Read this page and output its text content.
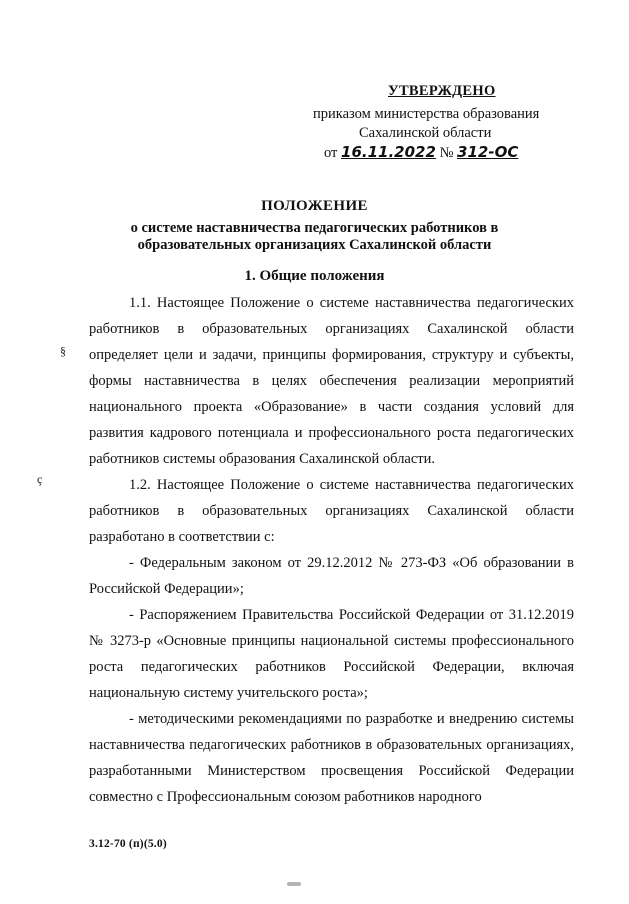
УТВЕРЖДЕНО
приказом министерства образования
Сахалинской области
от 16.11.2022 № 312-ОС
ПОЛОЖЕНИЕ
о системе наставничества педагогических работников в
образовательных организациях Сахалинской области
1. Общие положения

1.1. Настоящее Положение о системе наставничества педагогических работников в образовательных организациях Сахалинской области определяет цели и задачи, принципы формирования, структуру и субъекты, формы наставничества в целях обеспечения реализации мероприятий национального проекта «Образование» в части создания условий для развития кадрового потенциала и профессионального роста педагогических работников системы образования Сахалинской области.

1.2. Настоящее Положение о системе наставничества педагогических работников в образовательных организациях Сахалинской области разработано в соответствии с:

- Федеральным законом от 29.12.2012 № 273-ФЗ «Об образовании в Российской Федерации»;

- Распоряжением Правительства Российской Федерации от 31.12.2019 № 3273-р «Основные принципы национальной системы профессионального роста педагогических работников Российской Федерации, включая национальную систему учительского роста»;

- методическими рекомендациями по разработке и внедрению системы наставничества педагогических работников в образовательных организациях, разработанными Министерством просвещения Российской Федерации совместно с Профессиональным союзом работников народного

3.12-70 (п)(5.0)
§
ç
